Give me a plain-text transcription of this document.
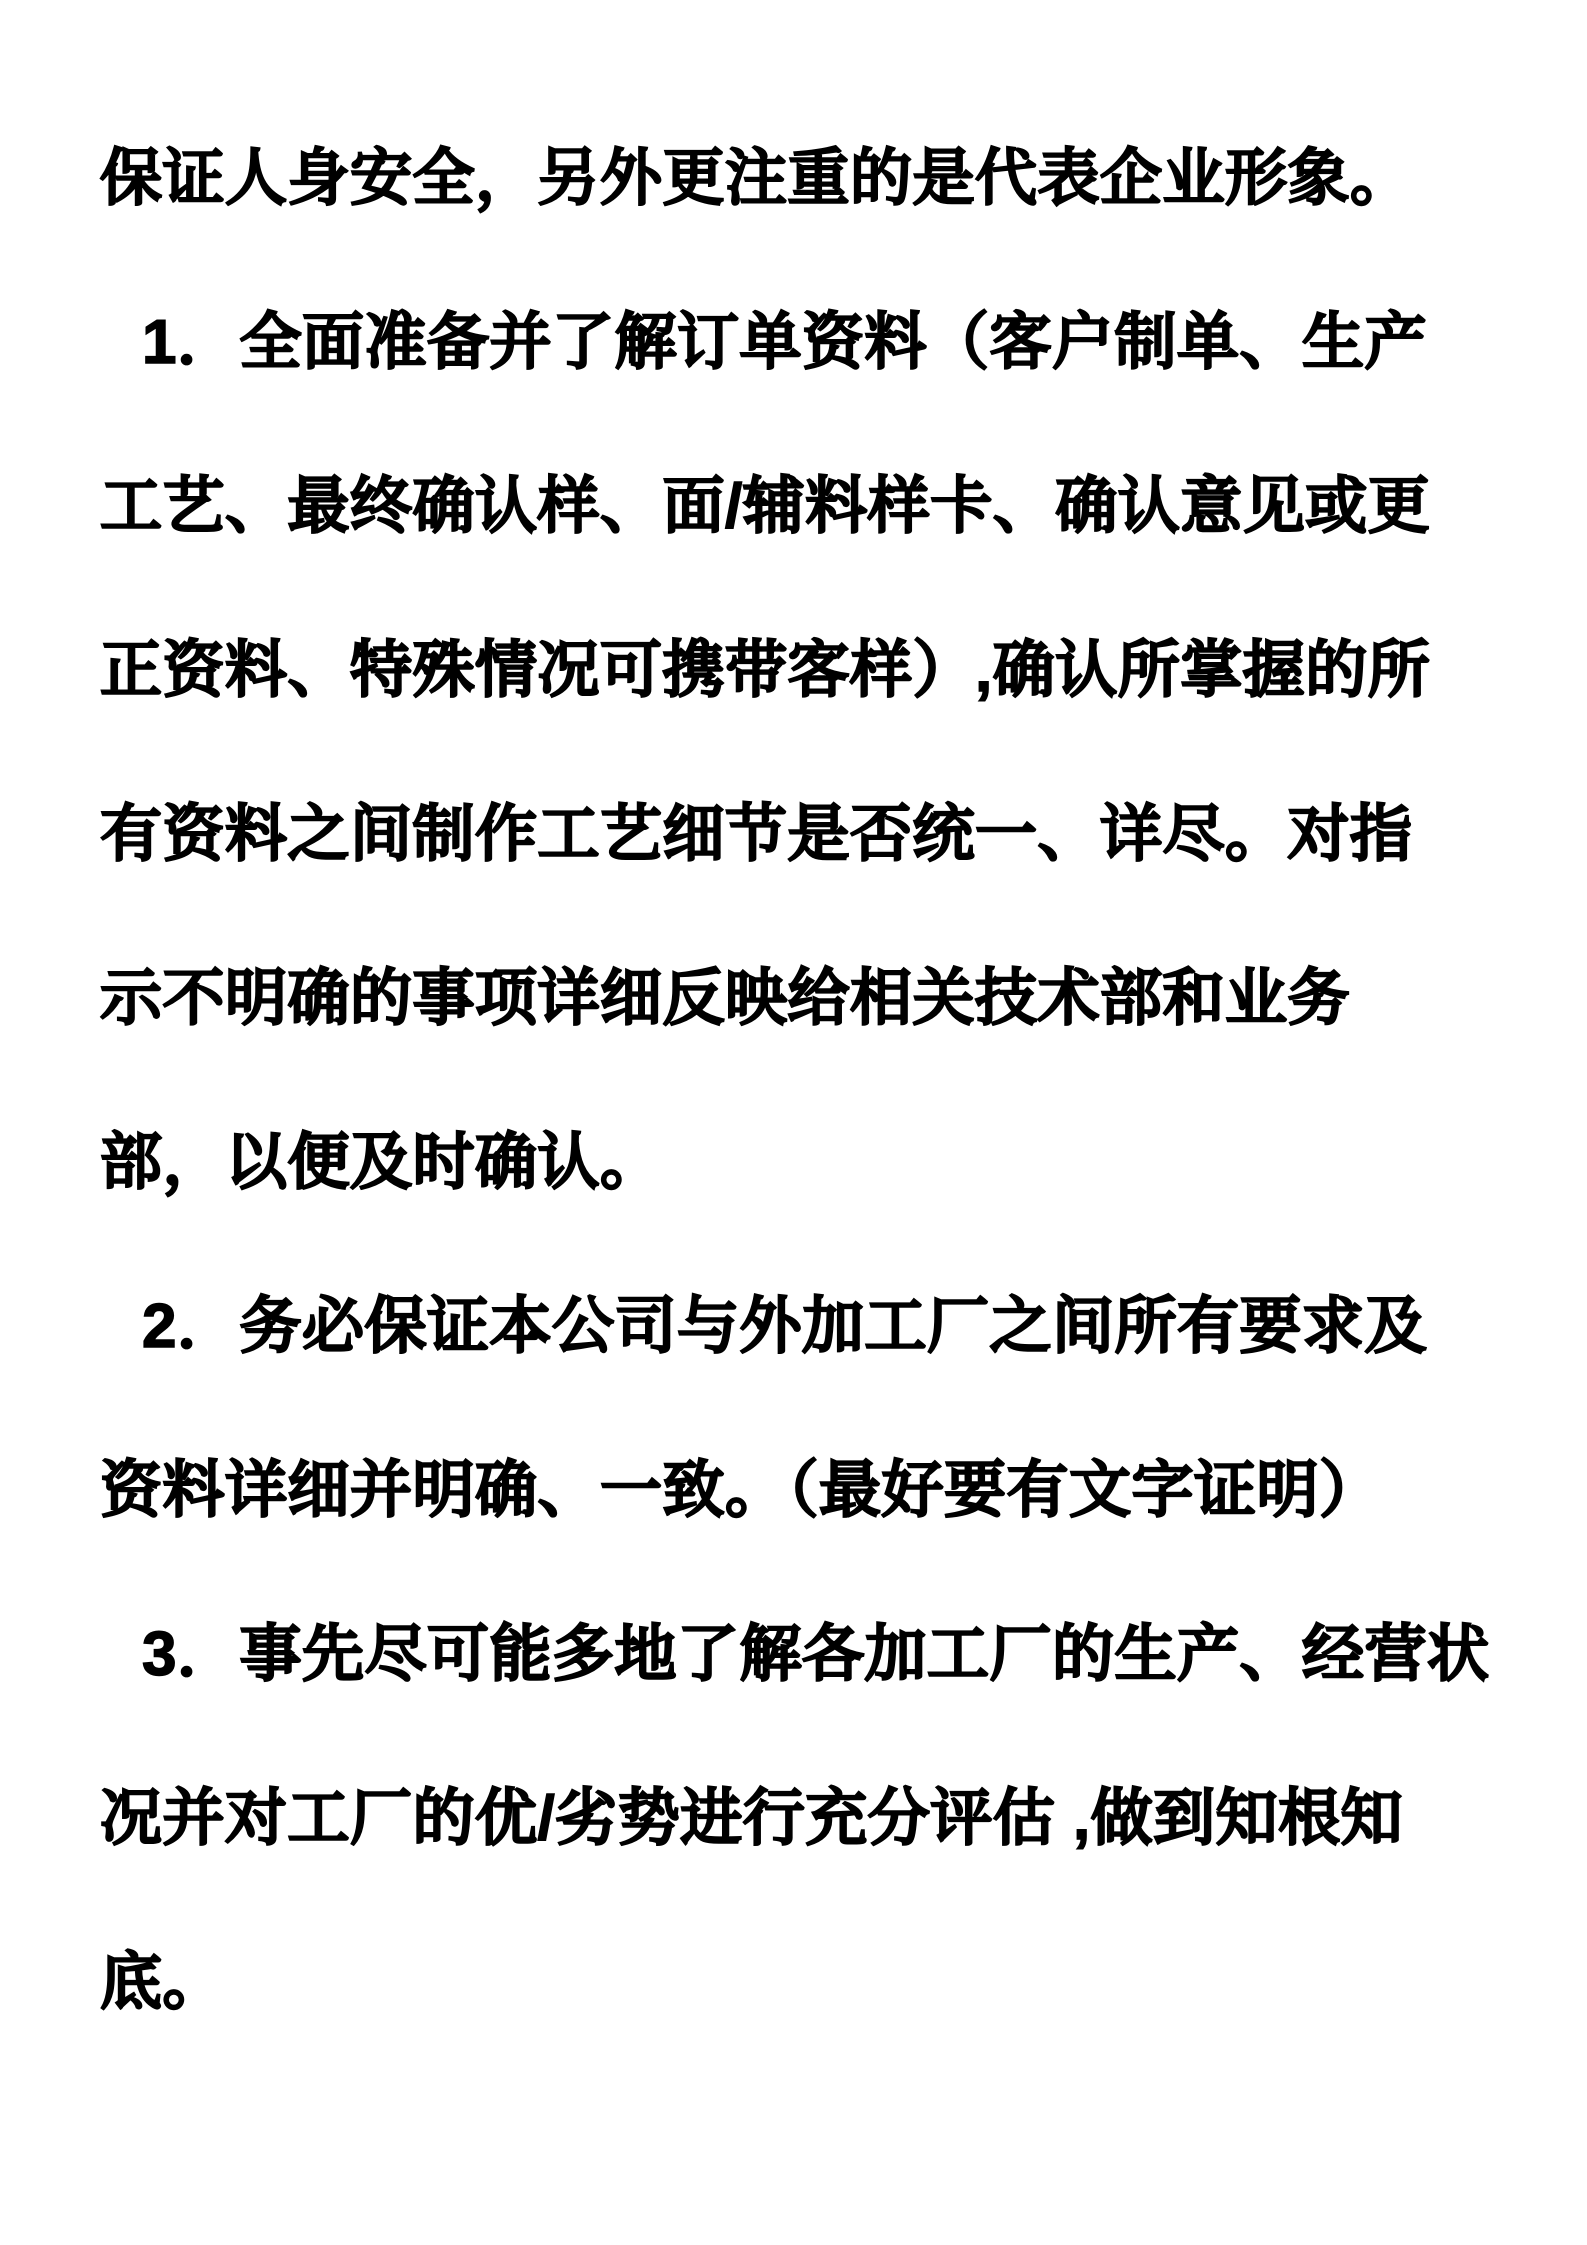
保证人身安全，另外更注重的是代表企业形象。
1．全面准备并了解订单资料（客户制单、生产
工艺、最终确认样、面/辅料样卡、确认意见或更
正资料、特殊情况可携带客样）,确认所掌握的所
有资料之间制作工艺细节是否统一、详尽。对指
示不明确的事项详细反映给相关技术部和业务
部，以便及时确认。
2．务必保证本公司与外加工厂之间所有要求及
资料详细并明确、一致。（最好要有文字证明）
3．事先尽可能多地了解各加工厂的生产、经营状
况并对工厂的优/劣势进行充分评估 ,做到知根知
底。
